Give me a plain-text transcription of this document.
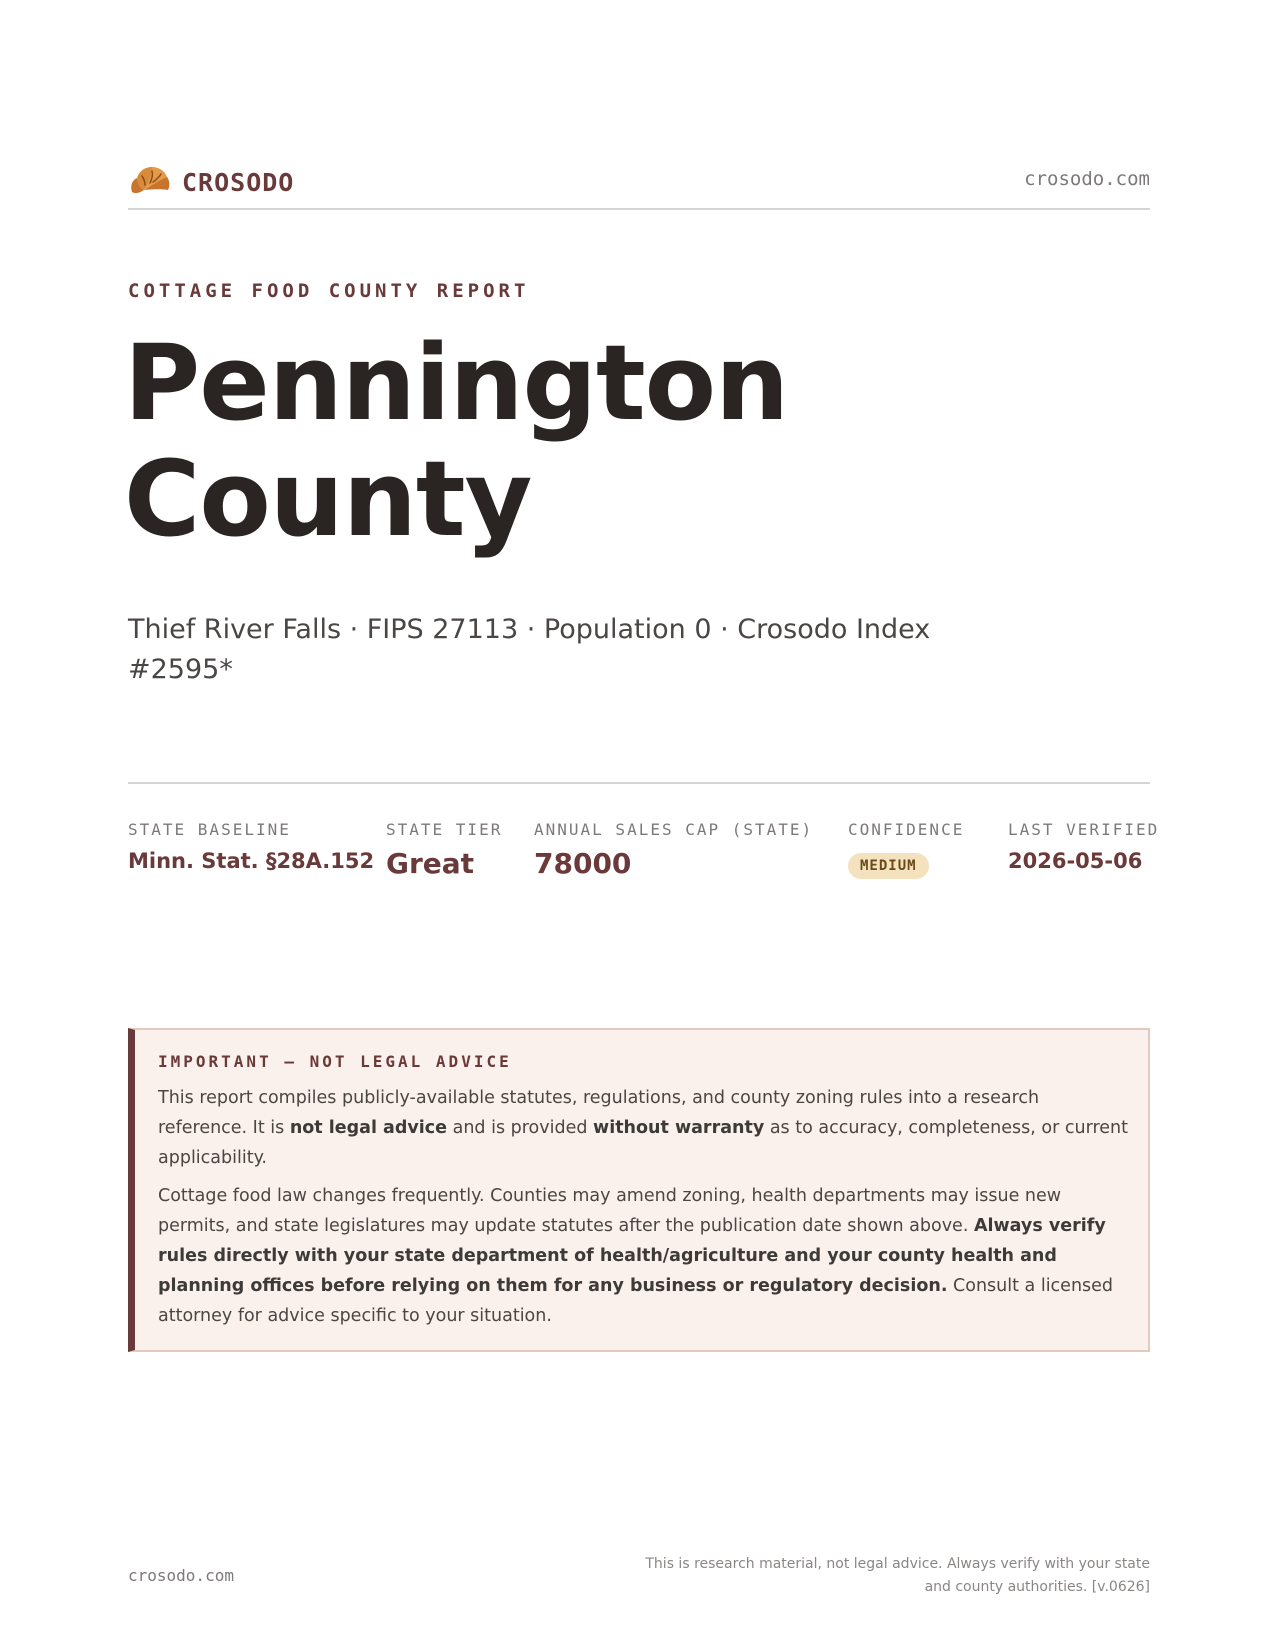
CROSODO	crosodo.com
COTTAGE FOOD COUNTY REPORT
Pennington County
Thief River Falls · FIPS 27113 · Population 0 · Crosodo Index #2595*
STATE BASELINE
Minn. Stat. §28A.152
STATE TIER
Great
ANNUAL SALES CAP (STATE)
78000
CONFIDENCE
MEDIUM
LAST VERIFIED
2026-05-06
IMPORTANT — NOT LEGAL ADVICE

This report compiles publicly-available statutes, regulations, and county zoning rules into a research reference. It is not legal advice and is provided without warranty as to accuracy, completeness, or current applicability.

Cottage food law changes frequently. Counties may amend zoning, health departments may issue new permits, and state legislatures may update statutes after the publication date shown above. Always verify rules directly with your state department of health/agriculture and your county health and planning offices before relying on them for any business or regulatory decision. Consult a licensed attorney for advice specific to your situation.

crosodo.com
This is research material, not legal advice. Always verify with your state and county authorities. [v.0626]
